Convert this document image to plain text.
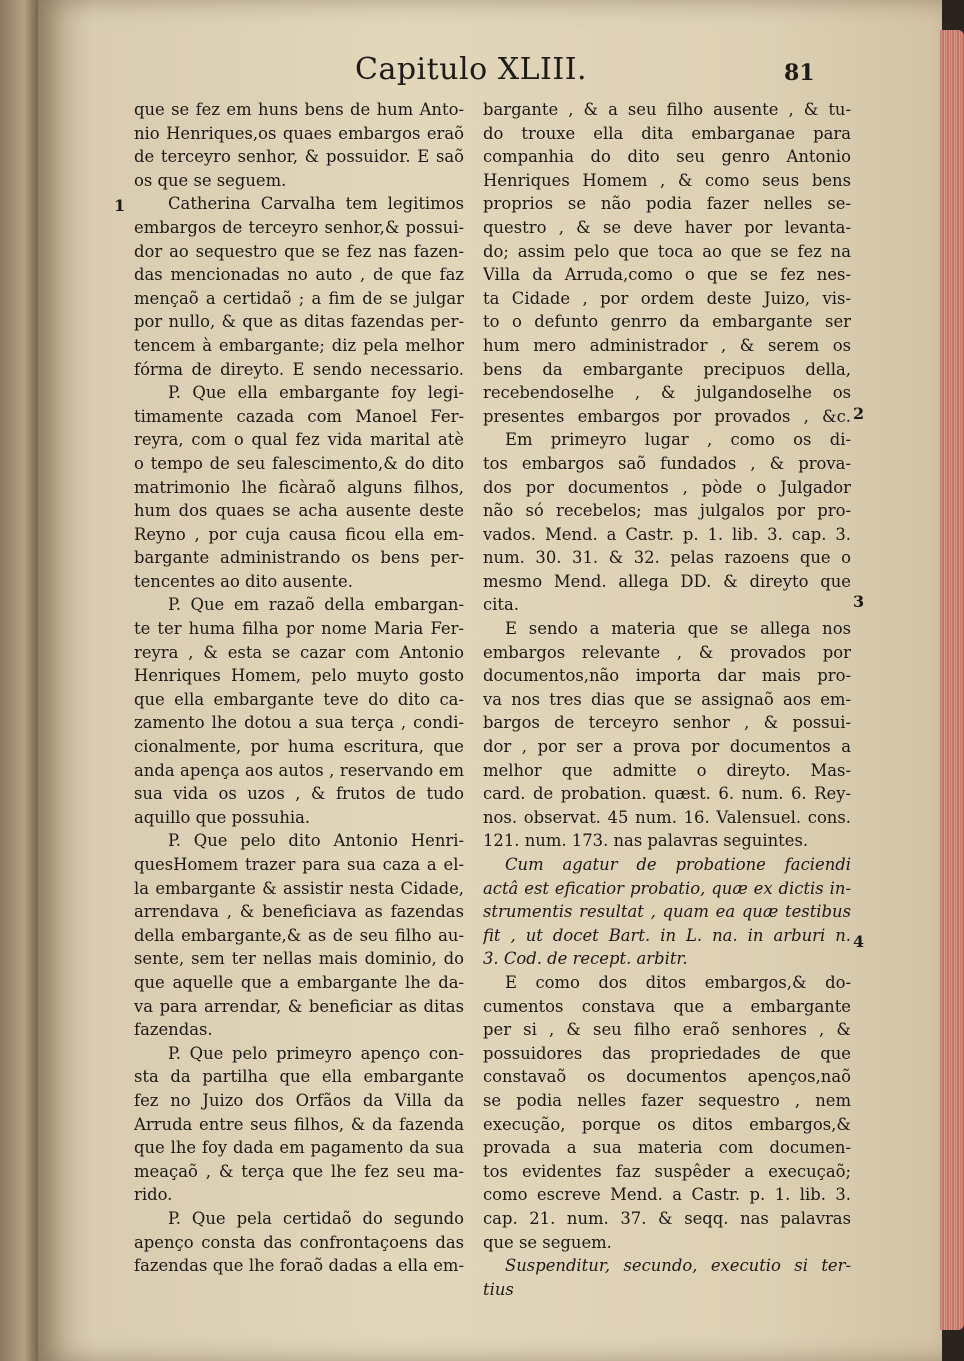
Capitulo XLIII.	81

que se fez em huns bens de hum Anto-

nio Henriques,os quaes embargos eraõ

de terceyro senhor, & possuidor. E saõ

os que se seguem.

Catherina Carvalha tem legitimos

embargos de terceyro senhor,& possui-

dor ao sequestro que se fez nas fazen-

das mencionadas no auto , de que faz

mençaõ a certidaõ ; a fim de se julgar

por nullo, & que as ditas fazendas per-

tencem à embargante; diz pela melhor

fórma de direyto. E sendo necessario.

P. Que ella embargante foy legi-

timamente cazada com Manoel Fer-

reyra, com o qual fez vida marital atè

o tempo de seu falescimento,& do dito

matrimonio lhe ficàraõ alguns filhos,

hum dos quaes se acha ausente deste

Reyno , por cuja causa ficou ella em-

bargante administrando os bens per-

tencentes ao dito ausente.

P. Que em razaõ della embargan-

te ter huma filha por nome Maria Fer-

reyra , & esta se cazar com Antonio

Henriques Homem, pelo muyto gosto

que ella embargante teve do dito ca-

zamento lhe dotou a sua terça , condi-

cionalmente, por huma escritura, que

anda apença aos autos , reservando em

sua vida os uzos , & frutos de tudo

aquillo que possuhia.

P. Que pelo dito Antonio Henri-

quesHomem trazer para sua caza a el-

la embargante & assistir nesta Cidade,

arrendava , & beneficiava as fazendas

della embargante,& as de seu filho au-

sente, sem ter nellas mais dominio, do

que aquelle que a embargante lhe da-

va para arrendar, & beneficiar as ditas

fazendas.

P. Que pelo primeyro apenço con-

sta da partilha que ella embargante

fez no Juizo dos Orfãos da Villa da

Arruda entre seus filhos, & da fazenda

que lhe foy dada em pagamento da sua

meaçaõ , & terça que lhe fez seu ma-

rido.

P. Que pela certidaõ do segundo

apenço consta das confrontaçoens das

fazendas que lhe foraõ dadas a ella em-

bargante , & a seu filho ausente , & tu-

do trouxe ella dita embarganae para

companhia do dito seu genro Antonio

Henriques Homem , & como seus bens

proprios se não podia fazer nelles se-

questro , & se deve haver por levanta-

do; assim pelo que toca ao que se fez na

Villa da Arruda,como o que se fez nes-

ta Cidade , por ordem deste Juizo, vis-

to o defunto genrro da embargante ser

hum mero administrador , & serem os

bens da embargante precipuos della,

recebendoselhe , & julgandoselhe os

presentes embargos por provados , &c.

Em primeyro lugar , como os di-

tos embargos saõ fundados , & prova-

dos por documentos , pòde o Julgador

não só recebelos; mas julgalos por pro-

vados. Mend. a Castr. p. 1. lib. 3. cap. 3.

num. 30. 31. & 32. pelas razoens que o

mesmo Mend. allega DD. & direyto que

cita.

E sendo a materia que se allega nos

embargos relevante , & provados por

documentos,não importa dar mais pro-

va nos tres dias que se assignaõ aos em-

bargos de terceyro senhor , & possui-

dor , por ser a prova por documentos a

melhor que admitte o direyto. Mas-

card. de probation. quæst. 6. num. 6. Rey-

nos. observat. 45 num. 16. Valensuel. cons.

121. num. 173. nas palavras seguintes.

Cum agatur de probatione faciendi

actâ est eficatior probatio, quæ ex dictis in-

strumentis resultat , quam ea quæ testibus

fit , ut docet Bart. in L. na. in arburi n.

3. Cod. de recept. arbitr.

E como dos ditos embargos,& do-

cumentos constava que a embargante

per si , & seu filho eraõ senhores , &

possuidores das propriedades de que

constavaõ os documentos apenços,naõ

se podia nelles fazer sequestro , nem

execução, porque os ditos embargos,&

provada a sua materia com documen-

tos evidentes faz suspêder a execuçaõ;

como escreve Mend. a Castr. p. 1. lib. 3.

cap. 21. num. 37. & seqq. nas palavras

que se seguem.

Suspenditur, secundo, executio si ter-

tius

1
2
3
4
